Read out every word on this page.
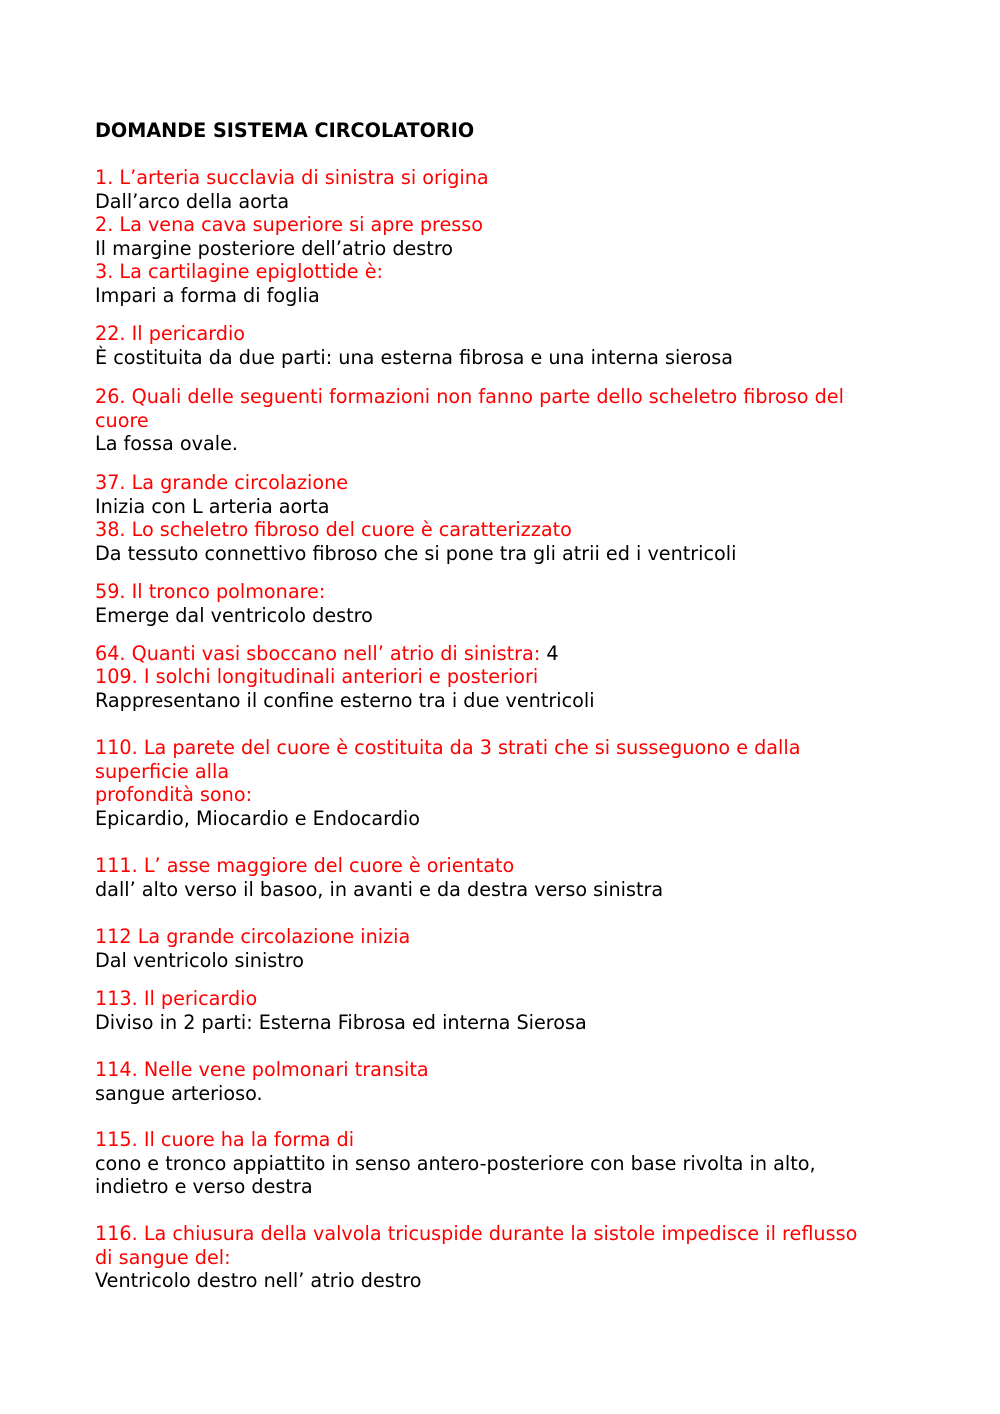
DOMANDE SISTEMA CIRCOLATORIO
1. L’arteria succlavia di sinistra si origina
Dall’arco della aorta
2. La vena cava superiore si apre presso
Il margine posteriore dell’atrio destro
3. La cartilagine epiglottide è:
Impari a forma di foglia
22. Il pericardio
È costituita da due parti: una esterna fibrosa e una interna sierosa
26. Quali delle seguenti formazioni non fanno parte dello scheletro fibroso del
cuore
La fossa ovale.
37. La grande circolazione
Inizia con L arteria aorta
38. Lo scheletro fibroso del cuore è caratterizzato
Da tessuto connettivo fibroso che si pone tra gli atrii ed i ventricoli
59. Il tronco polmonare:
Emerge dal ventricolo destro
64. Quanti vasi sboccano nell’ atrio di sinistra: 4
109. I solchi longitudinali anteriori e posteriori
Rappresentano il confine esterno tra i due ventricoli
110. La parete del cuore è costituita da 3 strati che si susseguono e dalla
superficie alla
profondità sono:
Epicardio, Miocardio e Endocardio
111. L’ asse maggiore del cuore è orientato
dall’ alto verso il basoo, in avanti e da destra verso sinistra
112 La grande circolazione inizia
Dal ventricolo sinistro
113. Il pericardio
Diviso in 2 parti: Esterna Fibrosa ed interna Sierosa
114. Nelle vene polmonari transita
sangue arterioso.
115. Il cuore ha la forma di
cono e tronco appiattito in senso antero-posteriore con base rivolta in alto,
indietro e verso destra
116. La chiusura della valvola tricuspide durante la sistole impedisce il reflusso
di sangue del:
Ventricolo destro nell’ atrio destro
